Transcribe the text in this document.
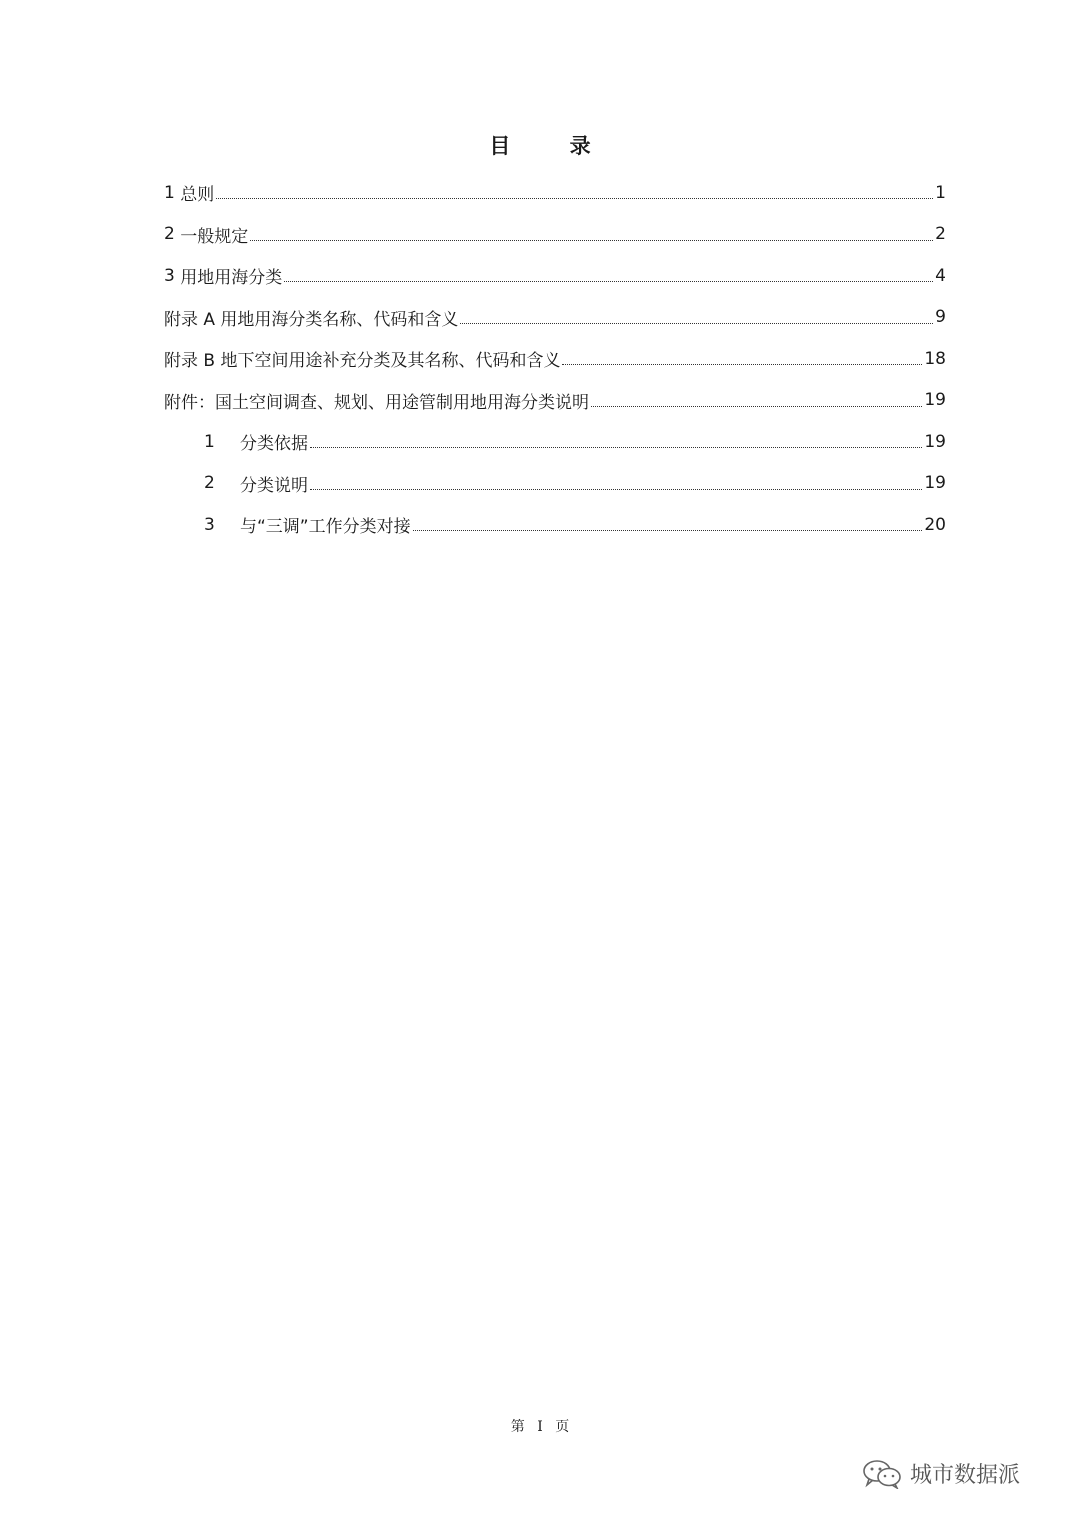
目 录
1 总则	1
2 一般规定	2
3 用地用海分类	4
附录 A 用地用海分类名称、代码和含义	9
附录 B 地下空间用途补充分类及其名称、代码和含义	18
附件：国土空间调查、规划、用途管制用地用海分类说明	19
1	分类依据	19
2	分类说明	19
3	与“三调”工作分类对接	20
第 I 页
城市数据派
